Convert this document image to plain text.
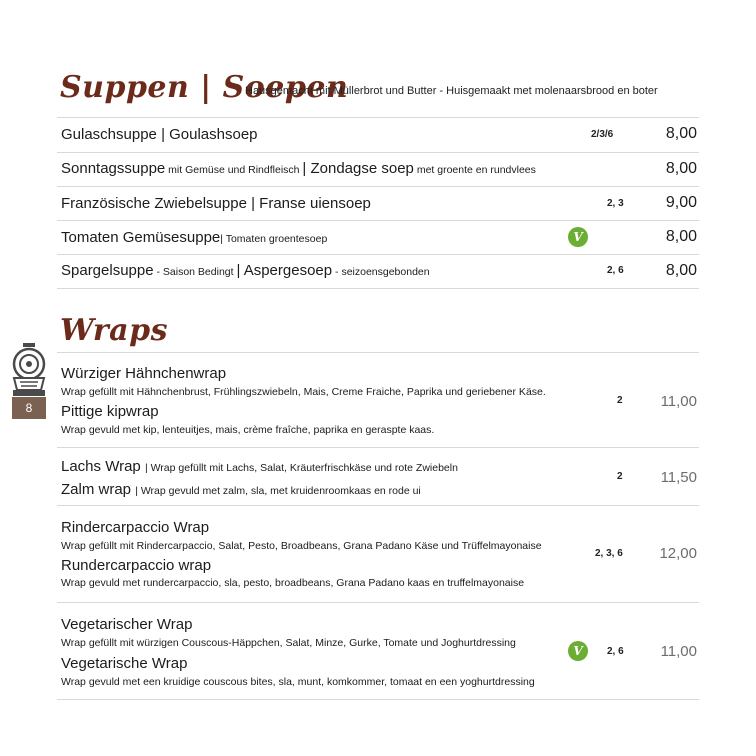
Suppen | Soepen
Hausgemacht mit Müllerbrot und Butter - Huisgemaakt met molenaarsbrood en boter
Gulaschsuppe | Goulashsoep	2/3/6	8,00
Sonntagssuppe mit Gemüse und Rindfleisch | Zondagse soep met groente en rundvlees	8,00
Französische Zwiebelsuppe | Franse uiensoep	2, 3	9,00
Tomaten Gemüsesuppe| Tomaten groentesoep	V	8,00
Spargelsuppe - Saison Bedingt | Aspergesoep - seizoensgebonden	2, 6	8,00
8
Wraps
Würziger Hähnchenwrap
Wrap gefüllt mit Hähnchenbrust, Frühlingszwiebeln, Mais, Creme Fraiche, Paprika und geriebener Käse.
Pittige kipwrap
Wrap gevuld met kip, lenteuitjes, mais, crème fraîche, paprika en geraspte kaas.
2	11,00
Lachs Wrap | Wrap gefüllt mit Lachs, Salat, Kräuterfrischkäse und rote Zwiebeln
Zalm wrap | Wrap gevuld met zalm, sla, met kruidenroomkaas en rode ui
2	11,50
Rindercarpaccio Wrap
Wrap gefüllt mit Rindercarpaccio, Salat, Pesto, Broadbeans, Grana Padano Käse und Trüffelmayonaise
Rundercarpaccio wrap
Wrap gevuld met rundercarpaccio, sla, pesto, broadbeans, Grana Padano kaas en truffelmayonaise
2, 3, 6 12,00
Vegetarischer Wrap
Wrap gefüllt mit würzigen Couscous-Häppchen, Salat, Minze, Gurke, Tomate und Joghurtdressing
Vegetarische Wrap
Wrap gevuld met een kruidige couscous bites, sla, munt, komkommer, tomaat en een yoghurtdressing
V	2, 6 11,00
